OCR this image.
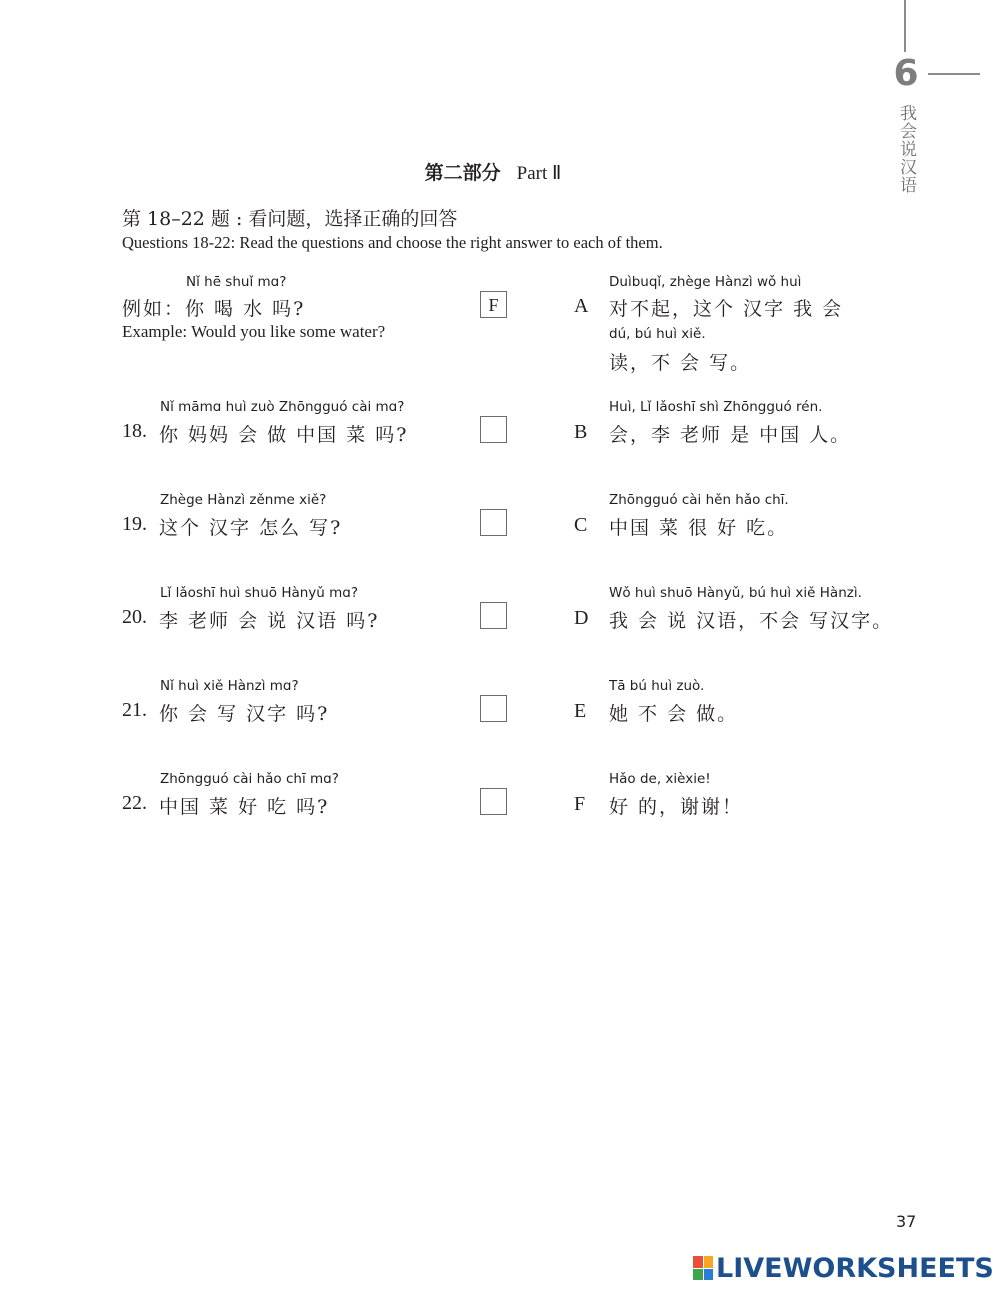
6
我会说汉语
第二部分 Part Ⅱ
第 18–22 题 : 看问题，选择正确的回答
Questions 18-22: Read the questions and choose the right answer to each of them.
Nǐ hē shuǐ mɑ?
例如：你 喝 水 吗?
Example: Would you like some water?
F
Nǐ māmɑ huì zuò Zhōngguó cài mɑ?
18. 你 妈妈 会 做 中国 菜 吗?
Zhège Hànzì zěnme xiě?
19. 这个 汉字 怎么 写?
Lǐ lǎoshī huì shuō Hànyǔ mɑ?
20. 李 老师 会 说 汉语 吗?
Nǐ huì xiě Hànzì mɑ?
21. 你 会 写 汉字 吗?
Zhōngguó cài hǎo chī mɑ?
22. 中国 菜 好 吃 吗?
Duìbuqǐ, zhège Hànzì wǒ huì
A 对不起，这个 汉字 我 会
dú, bú huì xiě.
读，不 会 写。
Huì, Lǐ lǎoshī shì Zhōngguó rén.
B 会，李 老师 是 中国 人。
Zhōngguó cài hěn hǎo chī.
C 中国 菜 很 好 吃。
Wǒ huì shuō Hànyǔ, bú huì xiě Hànzì.
D 我 会 说 汉语，不会 写汉字。
Tā bú huì zuò.
E 她 不 会 做。
Hǎo de, xièxie!
F 好 的，谢谢！
37
LIVEWORKSHEETS
